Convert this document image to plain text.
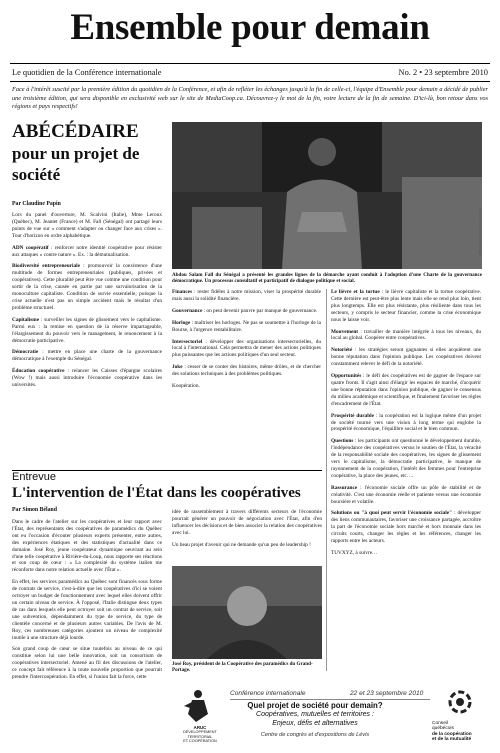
Ensemble pour demain
Le quotidien de la Conférence internationale	No. 2 • 23 septembre 2010
Face à l'intérêt suscité par la première édition du quotidien de la Conférence, et afin de refléter les échanges jusqu'à la fin de celle-ci, l'équipe d'Ensemble pour demain a décidé de publier une troisième édition, qui sera disponible en exclusivité web sur le site de MediaCoop.ca. Découvrez-y le mot de la fin, votre lecture de la fin de semaine. D'ici-là, bon retour dans vos régions et pays respectifs!
ABÉCÉDAIRE
pour un projet de société
Par Claudine Papin

Lors du panel d'ouverture, M. Scalvini (Italie), Mme Leroux (Québec), M. Jeantet (France) et M. Fall (Sénégal) ont partagé leurs points de vue sur « comment s'adapter ou changer face aux crises ». Tour d'horizon en ordre alphabétique.

ADN coopératif : renforcer notre identité coopérative pour résister aux attaques « contre nature ». Ex. : la démutualisation.

Biodiversité entrepreneuriale : promouvoir la coexistence d'une multitude de formes entrepreneuriales (publiques, privées et coopératives). Cette pluralité peut être vue comme une condition pour sortir de la crise, causée en partie par une survalorisation de la monoculture capitaliste. Condition de survie essentielle, puisque la crise actuelle n'est pas un simple accident mais le résultat d'un problème structurel.

Capitalisme : surveiller les signes de glissement vers le capitalisme. Parmi eux : la remise en question de la réserve impartageable, l'élargissement du pouvoir vers le management, le renoncement à la démocratie participative.

Démocratie : mettre en place une charte de la gouvernance démocratique à l'exemple du Sénégal.

Éducation coopérative : relancer les Caisses d'épargne scolaires (Wow !) mais aussi introduire l'économie coopérative dans les universités.

DESJARDINS/DENIS LACROIX
Abdou Salam Fall du Sénégal a présenté les grandes lignes de la démarche ayant conduit à l'adoption d'une Charte de la gouvernance démocratique. Un processus consultatif et participatif de dialogue politique et social.

Finances : rester fidèles à notre mission, viser la prospérité durable mais aussi la solidité financière.

Gouvernance : on peut devenir pauvre par manque de gouvernance.

Horloge : maîtriser les horloges. Ne pas se soumettre à l'horloge de la Bourse, à l'urgence rentabilitaire.

Intersectoriel : développer des organisations intersectorielles, du local à l'international. Cela permettra de mener des actions politiques plus puissantes que les actions politiques d'un seul secteur.

Joke : cesser de se conter des histoires, même drôles, et de chercher des solutions techniques à des problèmes politiques.

Koopération.

Le lièvre et la tortue : le lièvre capitaliste et la tortue coopérative. Cette dernière est peut-être plus lente mais elle se rend plus loin, tient plus longtemps. Elle est plus résistante, plus résiliente dans tous les secteurs, y compris le secteur financier, comme la crise économique nous le laisse voir.

Mouvement : travailler de manière intégrée à tous les niveaux, du local au global. Coopérer entre coopératives.

Notoriété : les stratégies seront gagnantes si elles acquièrent une bonne réputation dans l'opinion publique. Les coopératives doivent constamment relever le défi de la notoriété.

Opportunités : le défi des coopératives est de gagner de l'espace sur quatre fronts. Il s'agit ainsi d'élargir les espaces de marché, d'acquérir une bonne réputation dans l'opinion publique, de gagner le consensus du milieu académique et scientifique, et finalement favoriser les règles d'encadrement de l'État.

Prospérité durable : la coopération est la logique même d'un projet de société tourné vers une vision à long terme qui englobe la prospérité économique, l'équilibre social et le bien commun.

Questions : les participants ont questionné le développement durable, l'indépendance des coopératives versus le soutien de l'État, la véracité de la responsabilité sociale des coopératives, les signes de glissement vers le capitalisme, la démocratie participative, le manque de rayonnement de la coopération, l'intérêt des femmes pour l'entreprise coopérative, la place des jeunes, etc….

Rassurance : l'économie sociale offre un pôle de stabilité et de créativité. C'est une économie réelle et patiente versus une économie boursière et volatile.

Solutions ou "à quoi peut servir l'économie sociale" : développer des liens communautaires, favoriser une croissance partagée, accroître la part de l'économie sociale hors marché et hors monnaie dans les circuits courts, changer les règles et les références, changer les rapports entre les acteurs.

TUVXYZ, à suivre…

Entrevue
L'intervention de l'État dans les coopératives
Par Simon Béland

Dans le cadre de l'atelier sur les coopératives et leur rapport avec l'État, des représentants des coopératives de paramédics du Québec ont eu l'occasion d'écouter plusieurs experts présenter, entre autres, des expériences étatiques et des statistiques d'actualité dans ce domaine. José Roy, jeune coopérateur dynamique oeuvrant au sein d'une telle coopérative à Rivière-du-Loup, nous rapporte ses réactions et son coup de cœur : « La complexité du système italien me réconforte dans notre relation actuelle avec l'État ».

En effet, les services paramédics au Québec sont financés sous forme de contrats de service, c'est-à-dire que les coopératives d'ici se voient octroyer un budget de fonctionnement avec lequel elles doivent offrir un certain niveau de service. À l'opposé, l'Italie distingue deux types de cas dans lesquels elle peut octroyer soit un contrat de service, soit une subvention, dépendamment du type de service, du type de clientèle concerné et de plusieurs autres variables. De l'avis de M. Roy, ces nombreuses catégories ajoutent un niveau de complexité inutile à une structure déjà lourde.

Son grand coup de cœur se situe toutefois au niveau de ce qui constitue selon lui une belle innovation, soit un consortium de coopératives intersectoriel. Amené au fil des discussions de l'atelier, ce concept fait référence à la toute nouvelle proportion que pourrait prendre l'intercoopération. En effet, si l'union fait la force, cette

idée de rassemblement à travers différents secteurs de l'économie pourrait générer un pouvoir de négociation avec l'État, afin d'en influencer les décisions et de bien associer la relation des coopératives avec lui.

Un beau projet d'avenir qui ne demande qu'un peu de leadership !

José Roy, président de la Coopérative des paramédics du Grand-Portage.
ARUC
DÉVELOPPEMENT
TERRITORIAL
ET COOPÉRATION
Conférence internationale	22 et 23 septembre 2010
Quel projet de société pour demain?
Coopératives, mutuelles et territoires :
Enjeux, défis et alternatives
Centre de congrès et d'expositions de Lévis
Conseil
québécois
de la coopération
et de la mutualité
